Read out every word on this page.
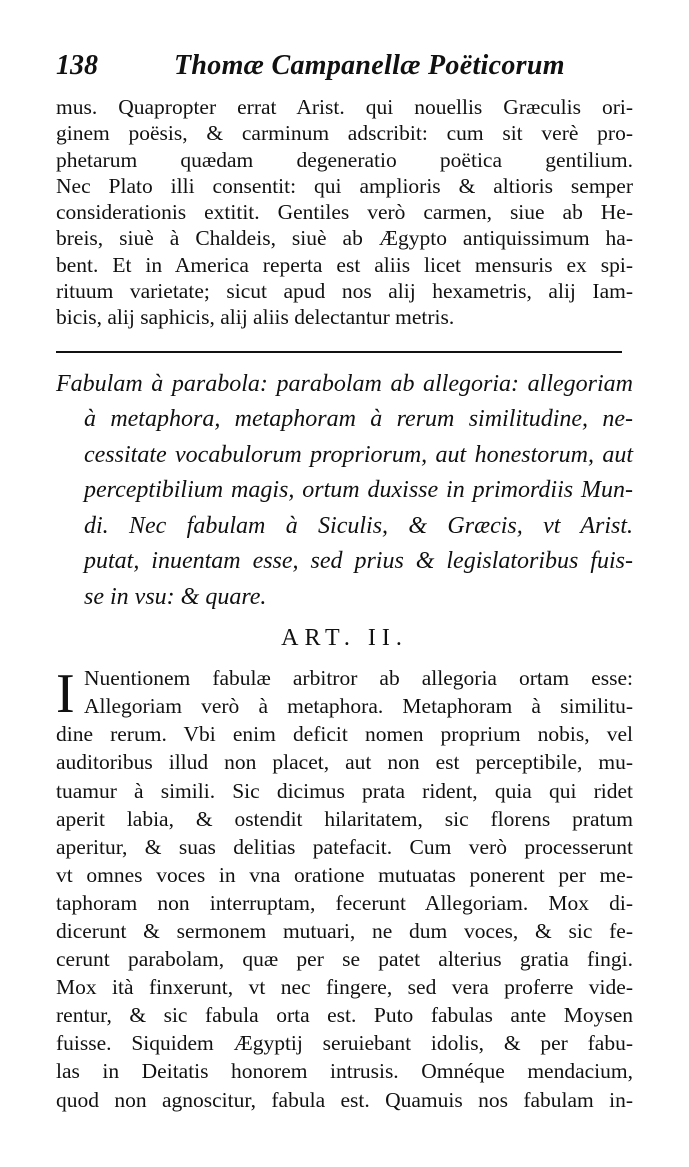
138	Thomæ Campanellæ Poëticorum
mus. Quapropter errat Arist. qui nouellis Græculis ori-
ginem poësis, & carminum adscribit: cum sit verè pro-
phetarum quædam degeneratio poëtica gentilium.
Nec Plato illi consentit: qui amplioris & altioris semper
considerationis extitit. Gentiles verò carmen, siue ab He-
breis, siuè à Chaldeis, siuè ab Ægypto antiquissimum ha-
bent. Et in America reperta est aliis licet mensuris ex spi-
rituum varietate; sicut apud nos alij hexametris, alij Iam-
bicis, alij saphicis, alij aliis delectantur metris.
Fabulam à parabola: parabolam ab allegoria: allegoriam
à metaphora, metaphoram à rerum similitudine, ne-
cessitate vocabulorum propriorum, aut honestorum, aut
perceptibilium magis, ortum duxisse in primordiis Mun-
di. Nec fabulam à Siculis, & Græcis, vt Arist.
putat, inuentam esse, sed prius & legislatoribus fuis-
se in vsu: & quare.
ART. II.
I Nuentionem fabulæ arbitror ab allegoria ortam esse:
Allegoriam verò à metaphora. Metaphoram à similitu-
dine rerum. Vbi enim deficit nomen proprium nobis, vel
auditoribus illud non placet, aut non est perceptibile, mu-
tuamur à simili. Sic dicimus prata rident, quia qui ridet
aperit labia, & ostendit hilaritatem, sic florens pratum
aperitur, & suas delitias patefacit. Cum verò processerunt
vt omnes voces in vna oratione mutuatas ponerent per me-
taphoram non interruptam, fecerunt Allegoriam. Mox di-
dicerunt & sermonem mutuari, ne dum voces, & sic fe-
cerunt parabolam, quæ per se patet alterius gratia fingi.
Mox ità finxerunt, vt nec fingere, sed vera proferre vide-
rentur, & sic fabula orta est. Puto fabulas ante Moysen
fuisse. Siquidem Ægyptij seruiebant idolis, & per fabu-
las in Deitatis honorem intrusis. Omnéque mendacium,
quod non agnoscitur, fabula est. Quamuis nos fabulam in-
